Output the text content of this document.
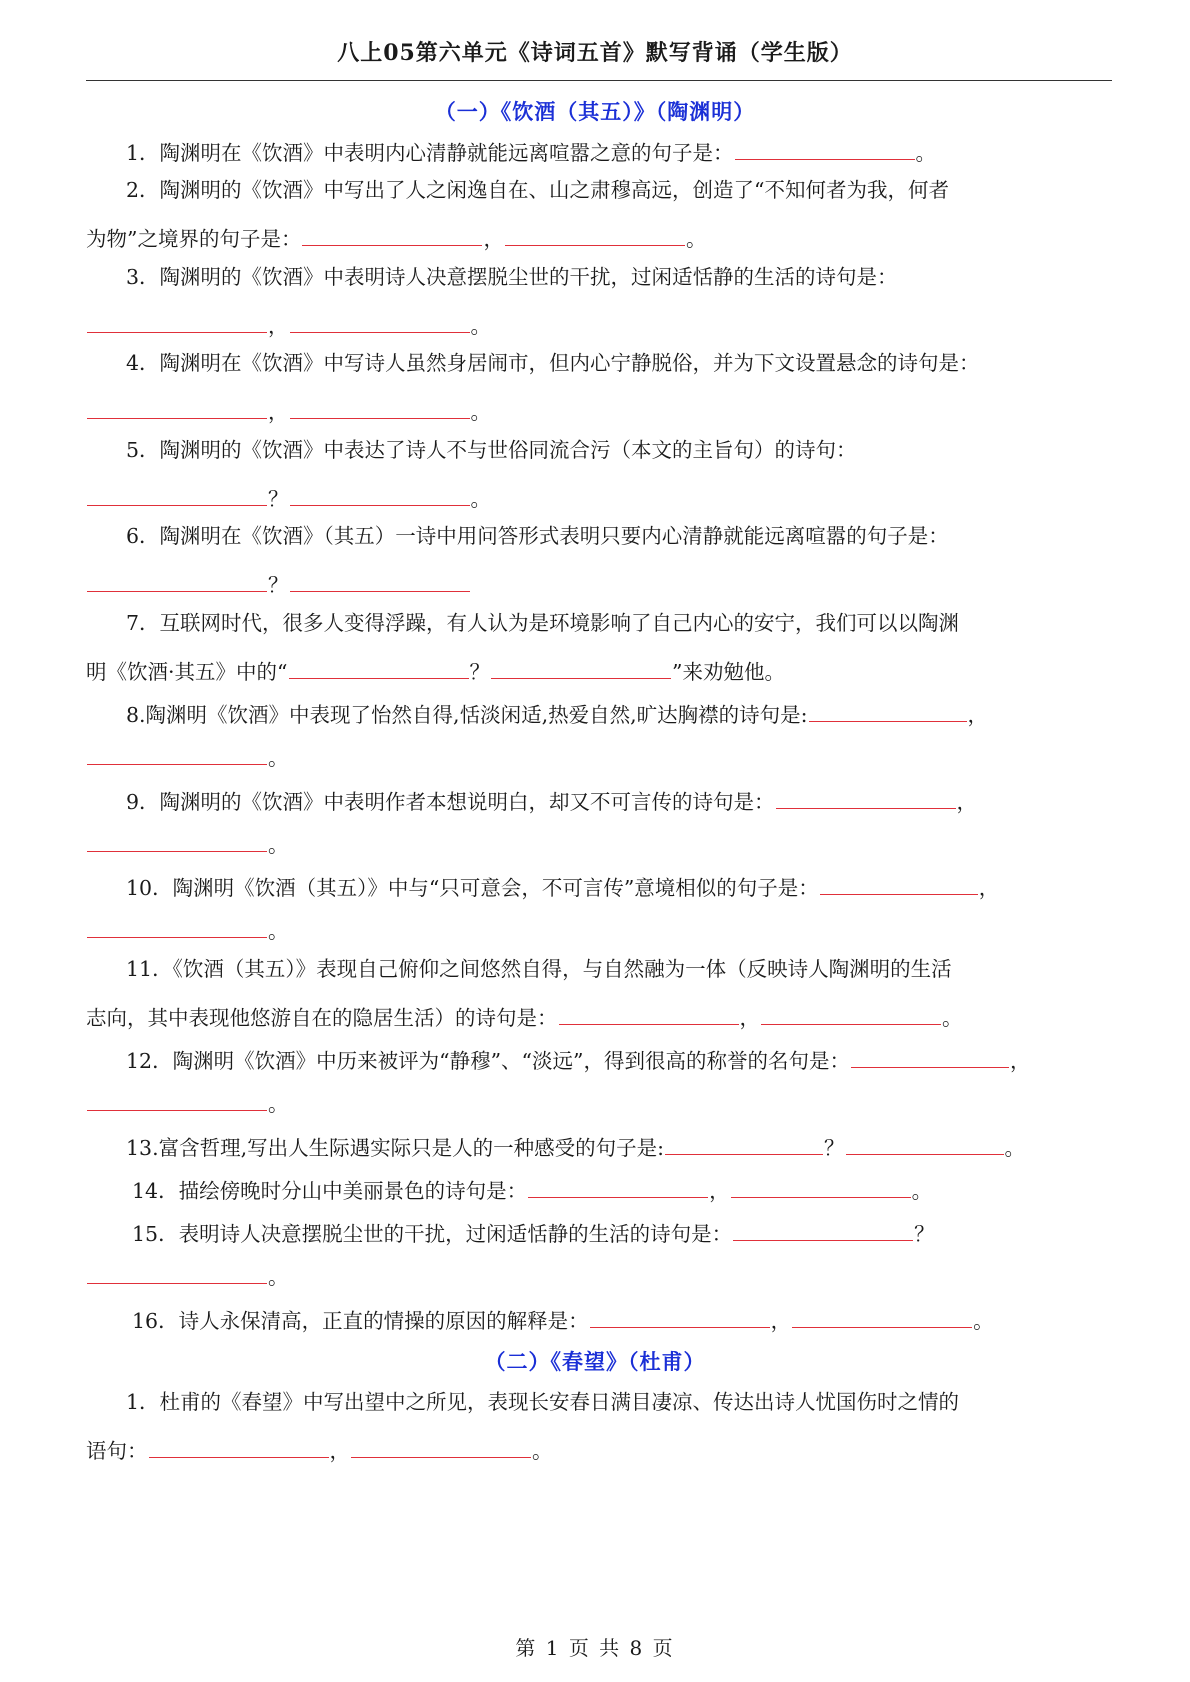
八上05第六单元《诗词五首》默写背诵（学生版）
（一）《饮酒（其五）》（陶渊明）
1．陶渊明在《饮酒》中表明内心清静就能远离喧嚣之意的句子是：	。
2．陶渊明的《饮酒》中写出了人之闲逸自在、山之肃穆高远，创造了“不知何者为我，何者
为物”之境界的句子是：	，	。
3．陶渊明的《饮酒》中表明诗人决意摆脱尘世的干扰，过闲适恬静的生活的诗句是：
，	。
4．陶渊明在《饮酒》中写诗人虽然身居闹市，但内心宁静脱俗，并为下文设置悬念的诗句是：
，	。
5．陶渊明的《饮酒》中表达了诗人不与世俗同流合污（本文的主旨句）的诗句：
？	。
6．陶渊明在《饮酒》（其五）一诗中用问答形式表明只要内心清静就能远离喧嚣的句子是：
？
7．互联网时代，很多人变得浮躁，有人认为是环境影响了自己内心的安宁，我们可以以陶渊
明《饮酒·其五》中的“	？	”来劝勉他。
8.陶渊明《饮酒》中表现了怡然自得,恬淡闲适,热爱自然,旷达胸襟的诗句是:	，
。
9．陶渊明的《饮酒》中表明作者本想说明白，却又不可言传的诗句是：	，
。
10．陶渊明《饮酒（其五）》中与“只可意会，不可言传”意境相似的句子是：	，
。
11．《饮酒（其五）》表现自己俯仰之间悠然自得，与自然融为一体（反映诗人陶渊明的生活
志向，其中表现他悠游自在的隐居生活）的诗句是：	，	。
12．陶渊明《饮酒》中历来被评为“静穆”、“淡远”，得到很高的称誉的名句是：	，
。
13.富含哲理,写出人生际遇实际只是人的一种感受的句子是:	？	。
14．描绘傍晚时分山中美丽景色的诗句是：	，	。
15．表明诗人决意摆脱尘世的干扰，过闲适恬静的生活的诗句是：	？
。
16．诗人永保清高，正直的情操的原因的解释是：	，	。
（二）《春望》（杜甫）
1．杜甫的《春望》中写出望中之所见，表现长安春日满目凄凉、传达出诗人忧国伤时之情的
语句：	，	。
第 1 页 共 8 页
